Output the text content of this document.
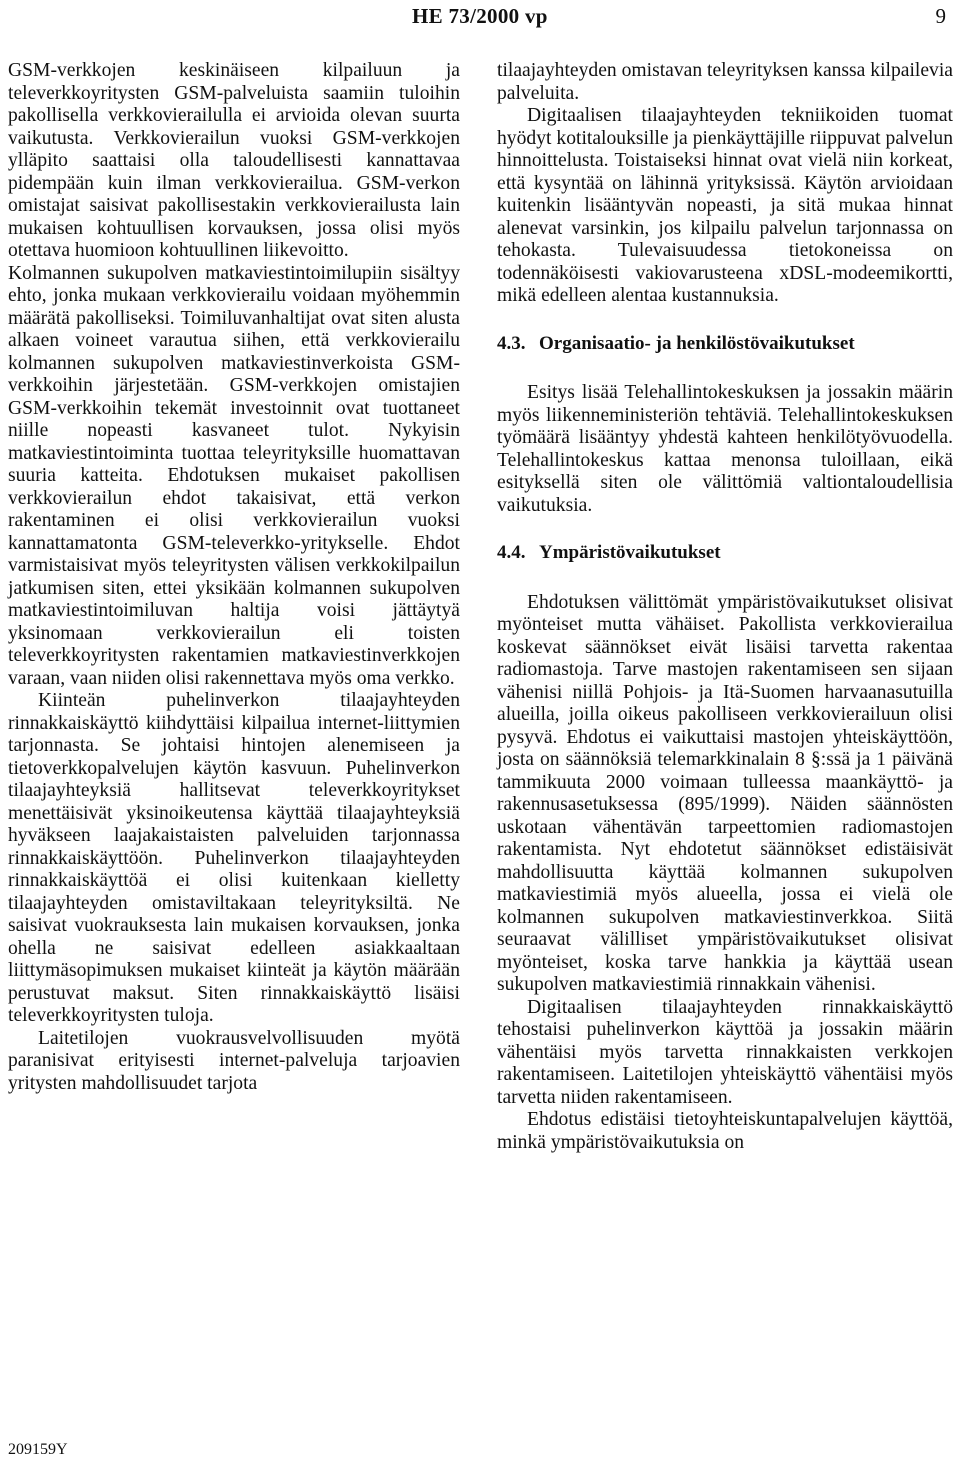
HE 73/2000 vp	9

GSM-verkkojen keskinäiseen kilpailuun ja televerkkoyritysten GSM-palveluista saamiin tuloihin pakollisella verkkovierailulla ei arvioida olevan suurta vaikutusta. Verkkovierailun vuoksi GSM-verkkojen ylläpito saattaisi olla taloudellisesti kannattavaa pidempään kuin ilman verkkovierailua. GSM-verkon omistajat saisivat pakollisestakin verkkovierailusta lain mukaisen kohtuullisen korvauksen, jossa olisi myös otettava huomioon kohtuullinen liikevoitto.

Kolmannen sukupolven matkaviestintoimilupiin sisältyy ehto, jonka mukaan verkkovierailu voidaan myöhemmin määrätä pakolliseksi. Toimiluvanhaltijat ovat siten alusta alkaen voineet varautua siihen, että verkkovierailu kolmannen sukupolven matkaviestinverkoista GSM-verkkoihin järjestetään. GSM-verkkojen omistajien GSM-verkkoihin tekemät investoinnit ovat tuottaneet niille nopeasti kasvaneet tulot. Nykyisin matkaviestintoiminta tuottaa teleyrityksille huomattavan suuria katteita. Ehdotuksen mukaiset pakollisen verkkovierailun ehdot takaisivat, että verkon rakentaminen ei olisi verkkovierailun vuoksi kannattamatonta GSM-televerkko-yritykselle. Ehdot varmistaisivat myös teleyritysten välisen verkkokilpailun jatkumisen siten, ettei yksikään kolmannen sukupolven matkaviestintoimiluvan haltija voisi jättäytyä yksinomaan verkkovierailun eli toisten televerkkoyritysten rakentamien matkaviestinverkkojen varaan, vaan niiden olisi rakennettava myös oma verkko.

Kiinteän puhelinverkon tilaajayhteyden rinnakkaiskäyttö kiihdyttäisi kilpailua internet-liittymien tarjonnasta. Se johtaisi hintojen alenemiseen ja tietoverkkopalvelujen käytön kasvuun. Puhelinverkon tilaajayhteyksiä hallitsevat televerkkoyritykset menettäisivät yksinoikeutensa käyttää tilaajayhteyksiä hyväkseen laajakaistaisten palveluiden tarjonnassa rinnakkaiskäyttöön. Puhelinverkon tilaajayhteyden rinnakkaiskäyttöä ei olisi kuitenkaan kielletty tilaajayhteyden omistaviltakaan teleyrityksiltä. Ne saisivat vuokrauksesta lain mukaisen korvauksen, jonka ohella ne saisivat edelleen asiakkaaltaan liittymäsopimuksen mukaiset kiinteät ja käytön määrään perustuvat maksut. Siten rinnakkaiskäyttö lisäisi televerkkoyritysten tuloja.

Laitetilojen vuokrausvelvollisuuden myötä paranisivat erityisesti internet-palveluja tarjoavien yritysten mahdollisuudet tarjota

tilaajayhteyden omistavan teleyrityksen kanssa kilpailevia palveluita.

Digitaalisen tilaajayhteyden tekniikoiden tuomat hyödyt kotitalouksille ja pienkäyttäjille riippuvat palvelun hinnoittelusta. Toistaiseksi hinnat ovat vielä niin korkeat, että kysyntää on lähinnä yrityksissä. Käytön arvioidaan kuitenkin lisääntyvän nopeasti, ja sitä mukaa hinnat alenevat varsinkin, jos kilpailu palvelun tarjonnassa on tehokasta. Tulevaisuudessa tietokoneissa on todennäköisesti vakiovarusteena xDSL-modeemikortti, mikä edelleen alentaa kustannuksia.

4.3. Organisaatio- ja henkilöstövaikutukset

Esitys lisää Telehallintokeskuksen ja jossakin määrin myös liikenneministeriön tehtäviä. Telehallintokeskuksen työmäärä lisääntyy yhdestä kahteen henkilötyövuodella. Telehallintokeskus kattaa menonsa tuloillaan, eikä esityksellä siten ole välittömiä valtiontaloudellisia vaikutuksia.

4.4. Ympäristövaikutukset

Ehdotuksen välittömät ympäristövaikutukset olisivat myönteiset mutta vähäiset. Pakollista verkkovierailua koskevat säännökset eivät lisäisi tarvetta rakentaa radiomastoja. Tarve mastojen rakentamiseen sen sijaan vähenisi niillä Pohjois- ja Itä-Suomen harvaanasutuilla alueilla, joilla oikeus pakolliseen verkkovierailuun olisi pysyvä. Ehdotus ei vaikuttaisi mastojen yhteiskäyttöön, josta on säännöksiä telemarkkinalain 8 §:ssä ja 1 päivänä tammikuuta 2000 voimaan tulleessa maankäyttö- ja rakennusasetuksessa (895/1999). Näiden säännösten uskotaan vähentävän tarpeettomien radiomastojen rakentamista. Nyt ehdotetut säännökset edistäisivät mahdollisuutta käyttää kolmannen sukupolven matkaviestimiä myös alueella, jossa ei vielä ole kolmannen sukupolven matkaviestinverkkoa. Siitä seuraavat välilliset ympäristövaikutukset olisivat myönteiset, koska tarve hankkia ja käyttää usean sukupolven matkaviestimiä rinnakkain vähenisi.

Digitaalisen tilaajayhteyden rinnakkaiskäyttö tehostaisi puhelinverkon käyttöä ja jossakin määrin vähentäisi myös tarvetta rinnakkaisten verkkojen rakentamiseen. Laitetilojen yhteiskäyttö vähentäisi myös tarvetta niiden rakentamiseen.

Ehdotus edistäisi tietoyhteiskuntapalvelujen käyttöä, minkä ympäristövaikutuksia on

209159Y
